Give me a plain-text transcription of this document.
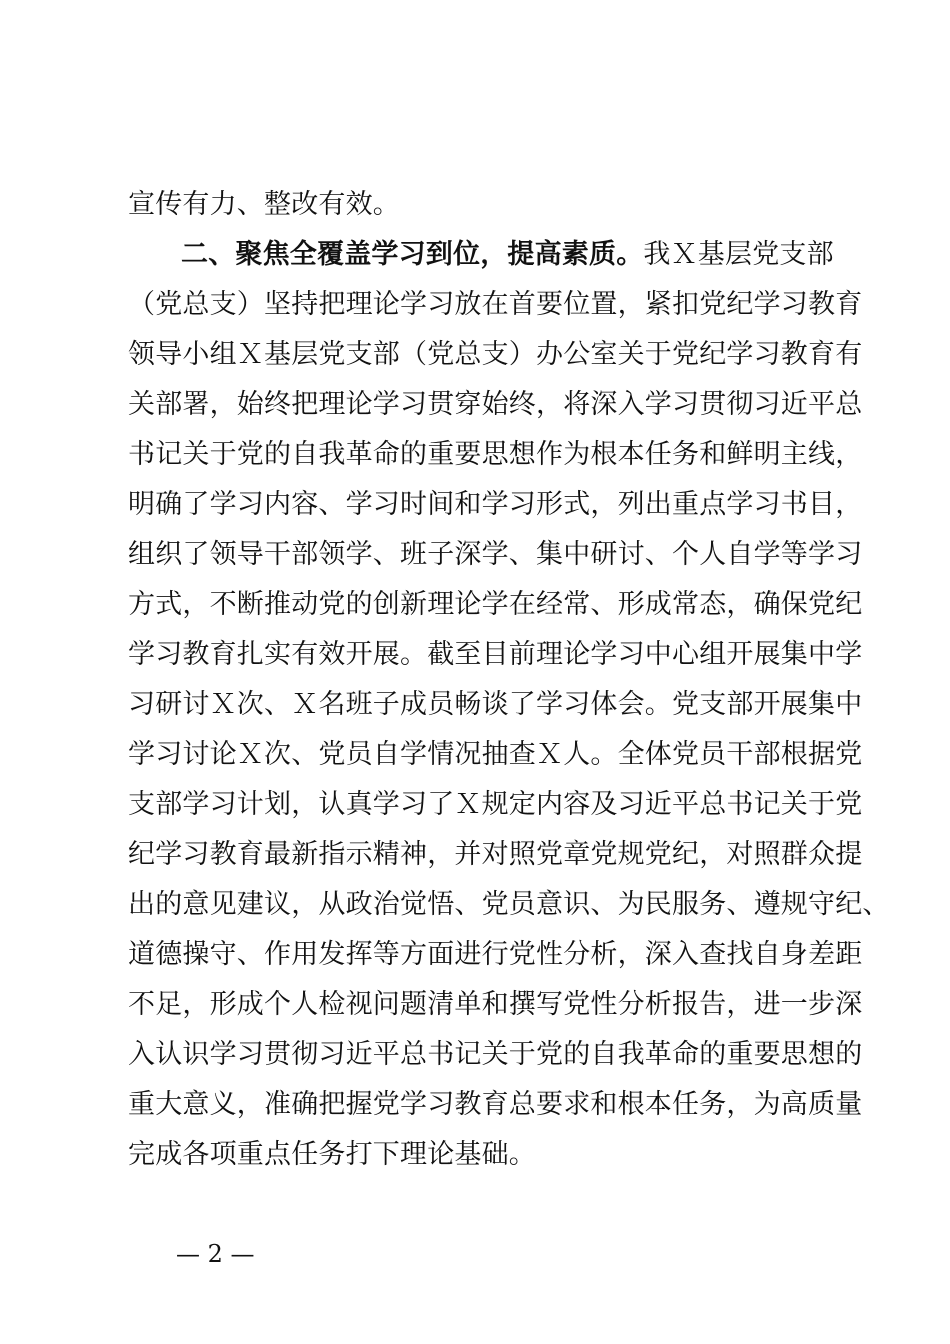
宣传有力、整改有效。
二、聚焦全覆盖学习到位，提高素质。我Ｘ基层党支部
（党总支）坚持把理论学习放在首要位置，紧扣党纪学习教育
领导小组Ｘ基层党支部（党总支）办公室关于党纪学习教育有
关部署，始终把理论学习贯穿始终，将深入学习贯彻习近平总
书记关于党的自我革命的重要思想作为根本任务和鲜明主线，
明确了学习内容、学习时间和学习形式，列出重点学习书目，
组织了领导干部领学、班子深学、集中研讨、个人自学等学习
方式，不断推动党的创新理论学在经常、形成常态，确保党纪
学习教育扎实有效开展。截至目前理论学习中心组开展集中学
习研讨Ｘ次、Ｘ名班子成员畅谈了学习体会。党支部开展集中
学习讨论Ｘ次、党员自学情况抽查Ｘ人。全体党员干部根据党
支部学习计划，认真学习了Ｘ规定内容及习近平总书记关于党
纪学习教育最新指示精神，并对照党章党规党纪，对照群众提
出的意见建议，从政治觉悟、党员意识、为民服务、遵规守纪、
道德操守、作用发挥等方面进行党性分析，深入查找自身差距
不足，形成个人检视问题清单和撰写党性分析报告，进一步深
入认识学习贯彻习近平总书记关于党的自我革命的重要思想的
重大意义，准确把握党学习教育总要求和根本任务，为高质量
完成各项重点任务打下理论基础。
— 2 —
